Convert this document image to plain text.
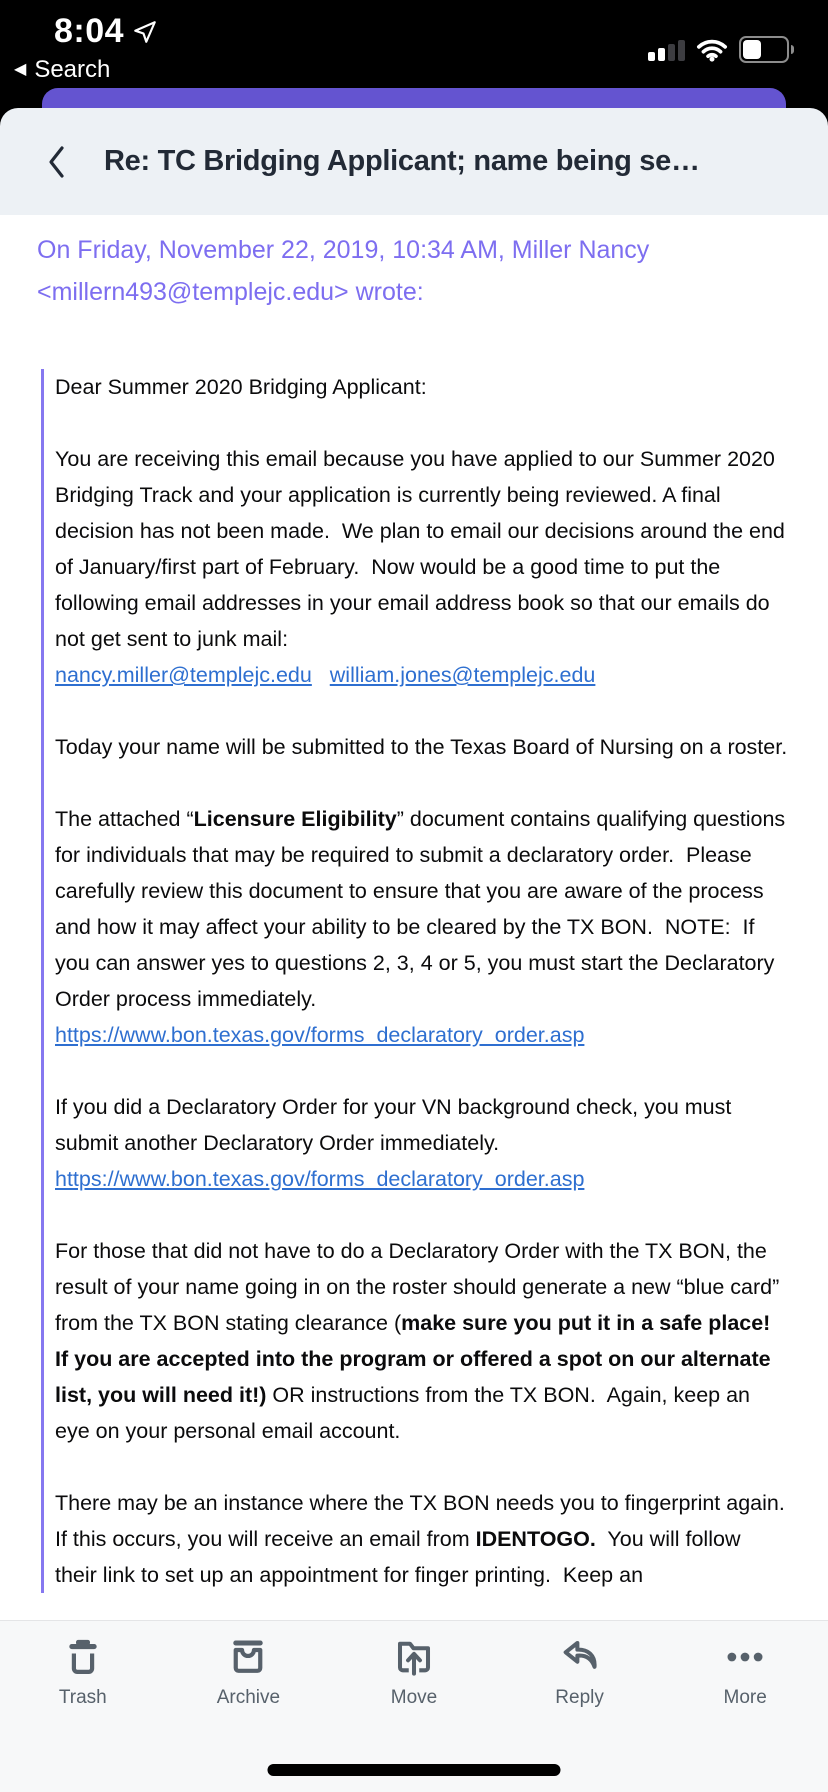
8:04
◀ Search
Re: TC Bridging Applicant; name being se…
On Friday, November 22, 2019, 10:34 AM, Miller Nancy <millern493@templejc.edu> wrote:

Dear Summer 2020 Bridging Applicant:

You are receiving this email because you have applied to our Summer 2020 Bridging Track and your application is currently being reviewed. A final decision has not been made.  We plan to email our decisions around the end of January/first part of February.  Now would be a good time to put the following email addresses in your email address book so that our emails do not get sent to junk mail:
nancy.miller@templejc.edu william.jones@templejc.edu

Today your name will be submitted to the Texas Board of Nursing on a roster.

The attached “Licensure Eligibility” document contains qualifying questions for individuals that may be required to submit a declaratory order.  Please carefully review this document to ensure that you are aware of the process and how it may affect your ability to be cleared by the TX BON.  NOTE:  If you can answer yes to questions 2, 3, 4 or 5, you must start the Declaratory Order process immediately.
https://www.bon.texas.gov/forms_declaratory_order.asp

If you did a Declaratory Order for your VN background check, you must submit another Declaratory Order immediately.
https://www.bon.texas.gov/forms_declaratory_order.asp

For those that did not have to do a Declaratory Order with the TX BON, the result of your name going in on the roster should generate a new “blue card” from the TX BON stating clearance (make sure you put it in a safe place!  If you are accepted into the program or offered a spot on our alternate list, you will need it!) OR instructions from the TX BON.  Again, keep an eye on your personal email account.

There may be an instance where the TX BON needs you to fingerprint again.  If this occurs, you will receive an email from IDENTOGO.  You will follow their link to set up an appointment for finger printing.  Keep an

Trash	Archive	Move	Reply	More
